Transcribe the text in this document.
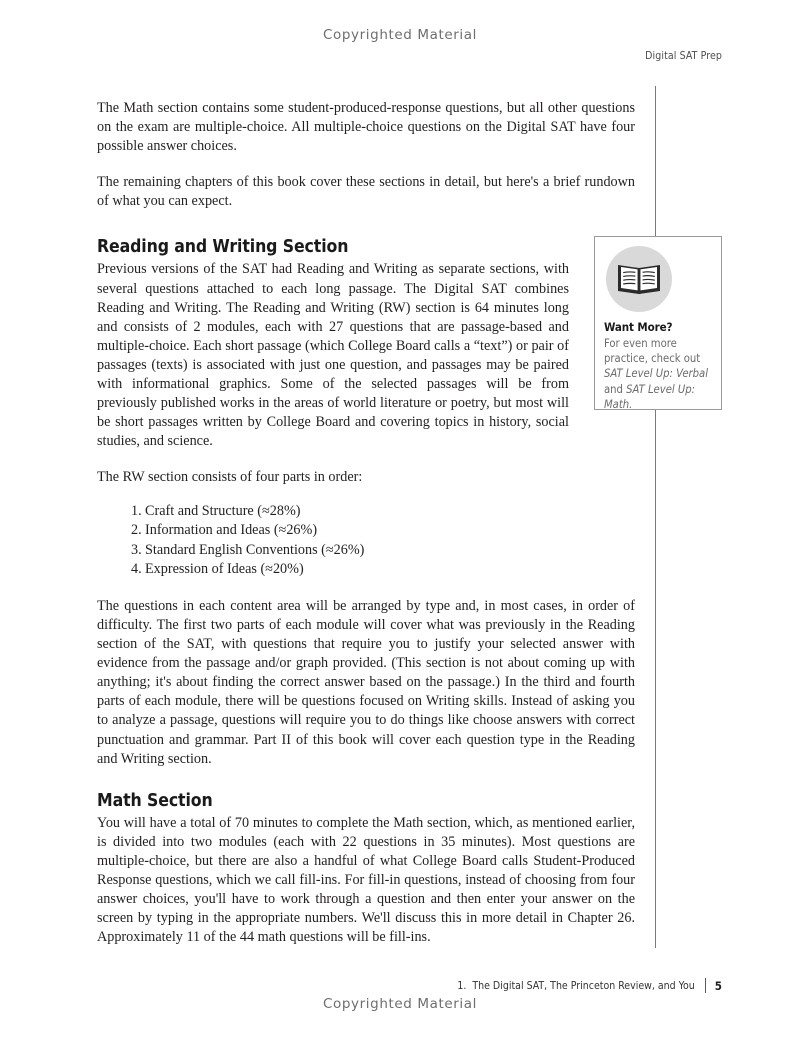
Copyrighted Material
Digital SAT Prep
Want More?
For even more
practice, check out
SAT Level Up: Verbal
and SAT Level Up: Math.

The Math section contains some student-produced-response questions, but all other questions on the exam are multiple-choice. All multiple-choice questions on the Digital SAT have four possible answer choices.

The remaining chapters of this book cover these sections in detail, but here's a brief rundown of what you can expect.

Reading and Writing Section

Previous versions of the SAT had Reading and Writing as separate sections, with several questions attached to each long passage. The Digital SAT combines Reading and Writing. The Reading and Writing (RW) section is 64 minutes long and consists of 2 modules, each with 27 questions that are passage-based and multiple-choice. Each short passage (which College Board calls a “text”) or pair of passages (texts) is associated with just one question, and passages may be paired with informational graphics. Some of the selected passages will be from previously published works in the areas of world literature or poetry, but most will be short passages written by College Board and covering topics in history, social studies, and science.

The RW section consists of four parts in order:

1. Craft and Structure (≈28%)
2. Information and Ideas (≈26%)
3. Standard English Conventions (≈26%)
4. Expression of Ideas (≈20%)

The questions in each content area will be arranged by type and, in most cases, in order of difficulty. The first two parts of each module will cover what was previously in the Reading section of the SAT, with questions that require you to justify your selected answer with evidence from the passage and/or graph provided. (This section is not about coming up with anything; it's about finding the correct answer based on the passage.) In the third and fourth parts of each module, there will be questions focused on Writing skills. Instead of asking you to analyze a passage, questions will require you to do things like choose answers with correct punctuation and grammar. Part II of this book will cover each question type in the Reading and Writing section.

Math Section

You will have a total of 70 minutes to complete the Math section, which, as mentioned earlier, is divided into two modules (each with 22 questions in 35 minutes). Most questions are multiple-choice, but there are also a handful of what College Board calls Student-Produced Response questions, which we call fill-ins. For fill-in questions, instead of choosing from four answer choices, you'll have to work through a question and then enter your answer on the screen by typing in the appropriate numbers. We'll discuss this in more detail in Chapter 26. Approximately 11 of the 44 math questions will be fill-ins.

1. The Digital SAT, The Princeton Review, and You 5
Copyrighted Material
